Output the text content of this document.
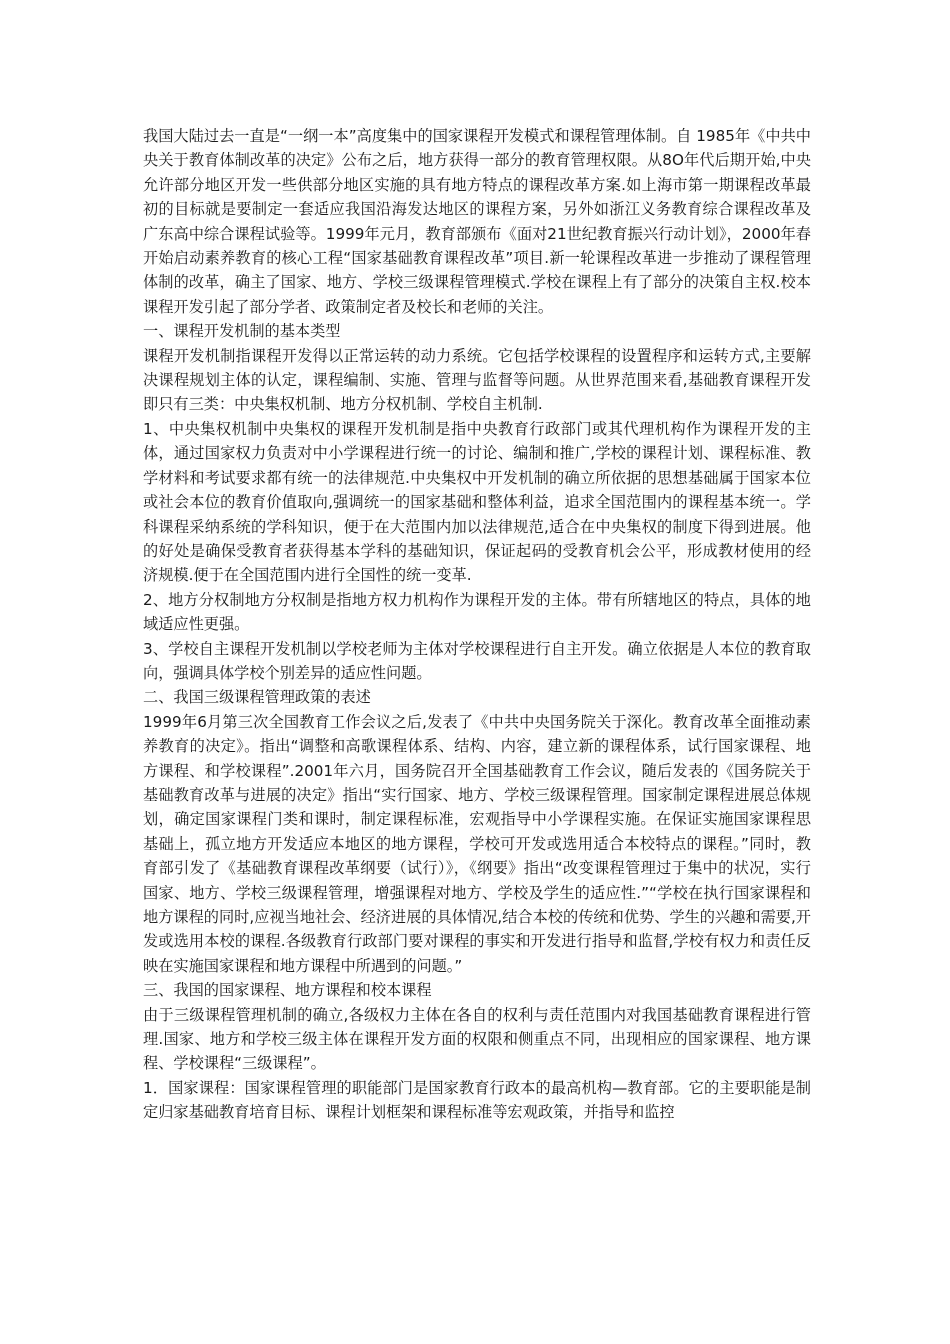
我国大陆过去一直是“一纲一本”高度集中的国家课程开发模式和课程管理体制。自 1985年《中共中央关于教育体制改革的决定》公布之后，地方获得一部分的教育管理权限。从8O年代后期开始,中央允许部分地区开发一些供部分地区实施的具有地方特点的课程改革方案.如上海市第一期课程改革最初的目标就是要制定一套适应我国沿海发达地区的课程方案，另外如浙江义务教育综合课程改革及广东高中综合课程试验等。1999年元月，教育部颁布《面对21世纪教育振兴行动计划》，2000年春开始启动素养教育的核心工程“国家基础教育课程改革”项目.新一轮课程改革进一步推动了课程管理体制的改革，确主了国家、地方、学校三级课程管理模式.学校在课程上有了部分的决策自主权.校本课程开发引起了部分学者、政策制定者及校长和老师的关注。

一、课程开发机制的基本类型

课程开发机制指课程开发得以正常运转的动力系统。它包括学校课程的设置程序和运转方式,主要解决课程规划主体的认定，课程编制、实施、管理与监督等问题。从世界范围来看,基础教育课程开发即只有三类：中央集权机制、地方分权机制、学校自主机制.

1、中央集权机制中央集权的课程开发机制是指中央教育行政部门或其代理机构作为课程开发的主体，通过国家权力负责对中小学课程进行统一的讨论、编制和推广,学校的课程计划、课程标准、教学材料和考试要求都有统一的法律规范.中央集权中开发机制的确立所依据的思想基础属于国家本位或社会本位的教育价值取向,强调统一的国家基础和整体利益，追求全国范围内的课程基本统一。学科课程采纳系统的学科知识，便于在大范围内加以法律规范,适合在中央集权的制度下得到进展。他的好处是确保受教育者获得基本学科的基础知识，保证起码的受教育机会公平，形成教材使用的经济规模.便于在全国范围内进行全国性的统一变革.

2、地方分权制地方分权制是指地方权力机构作为课程开发的主体。带有所辖地区的特点，具体的地域适应性更强。

3、学校自主课程开发机制以学校老师为主体对学校课程进行自主开发。确立依据是人本位的教育取向，强调具体学校个别差异的适应性问题。

二、我国三级课程管理政策的表述

1999年6月第三次全国教育工作会议之后,发表了《中共中央国务院关于深化。教育改革全面推动素养教育的决定》。指出“调整和高歌课程体系、结构、内容，建立新的课程体系，试行国家课程、地方课程、和学校课程”.2001年六月，国务院召开全国基础教育工作会议，随后发表的《国务院关于基础教育改革与进展的决定》指出“实行国家、地方、学校三级课程管理。国家制定课程进展总体规划，确定国家课程门类和课时，制定课程标准，宏观指导中小学课程实施。在保证实施国家课程思基础上，孤立地方开发适应本地区的地方课程，学校可开发或选用适合本校特点的课程。”同时，教育部引发了《基础教育课程改革纲要（试行）》，《纲要》指出“改变课程管理过于集中的状况，实行国家、地方、学校三级课程管理，增强课程对地方、学校及学生的适应性.”“学校在执行国家课程和地方课程的同时,应视当地社会、经济进展的具体情况,结合本校的传统和优势、学生的兴趣和需要,开发或选用本校的课程.各级教育行政部门要对课程的事实和开发进行指导和监督,学校有权力和责任反映在实施国家课程和地方课程中所遇到的问题。”

三、我国的国家课程、地方课程和校本课程

由于三级课程管理机制的确立,各级权力主体在各自的权利与责任范围内对我国基础教育课程进行管理.国家、地方和学校三级主体在课程开发方面的权限和侧重点不同，出现相应的国家课程、地方课程、学校课程“三级课程”。

1．国家课程：国家课程管理的职能部门是国家教育行政本的最高机构—教育部。它的主要职能是制定归家基础教育培育目标、课程计划框架和课程标准等宏观政策，并指导和监控
